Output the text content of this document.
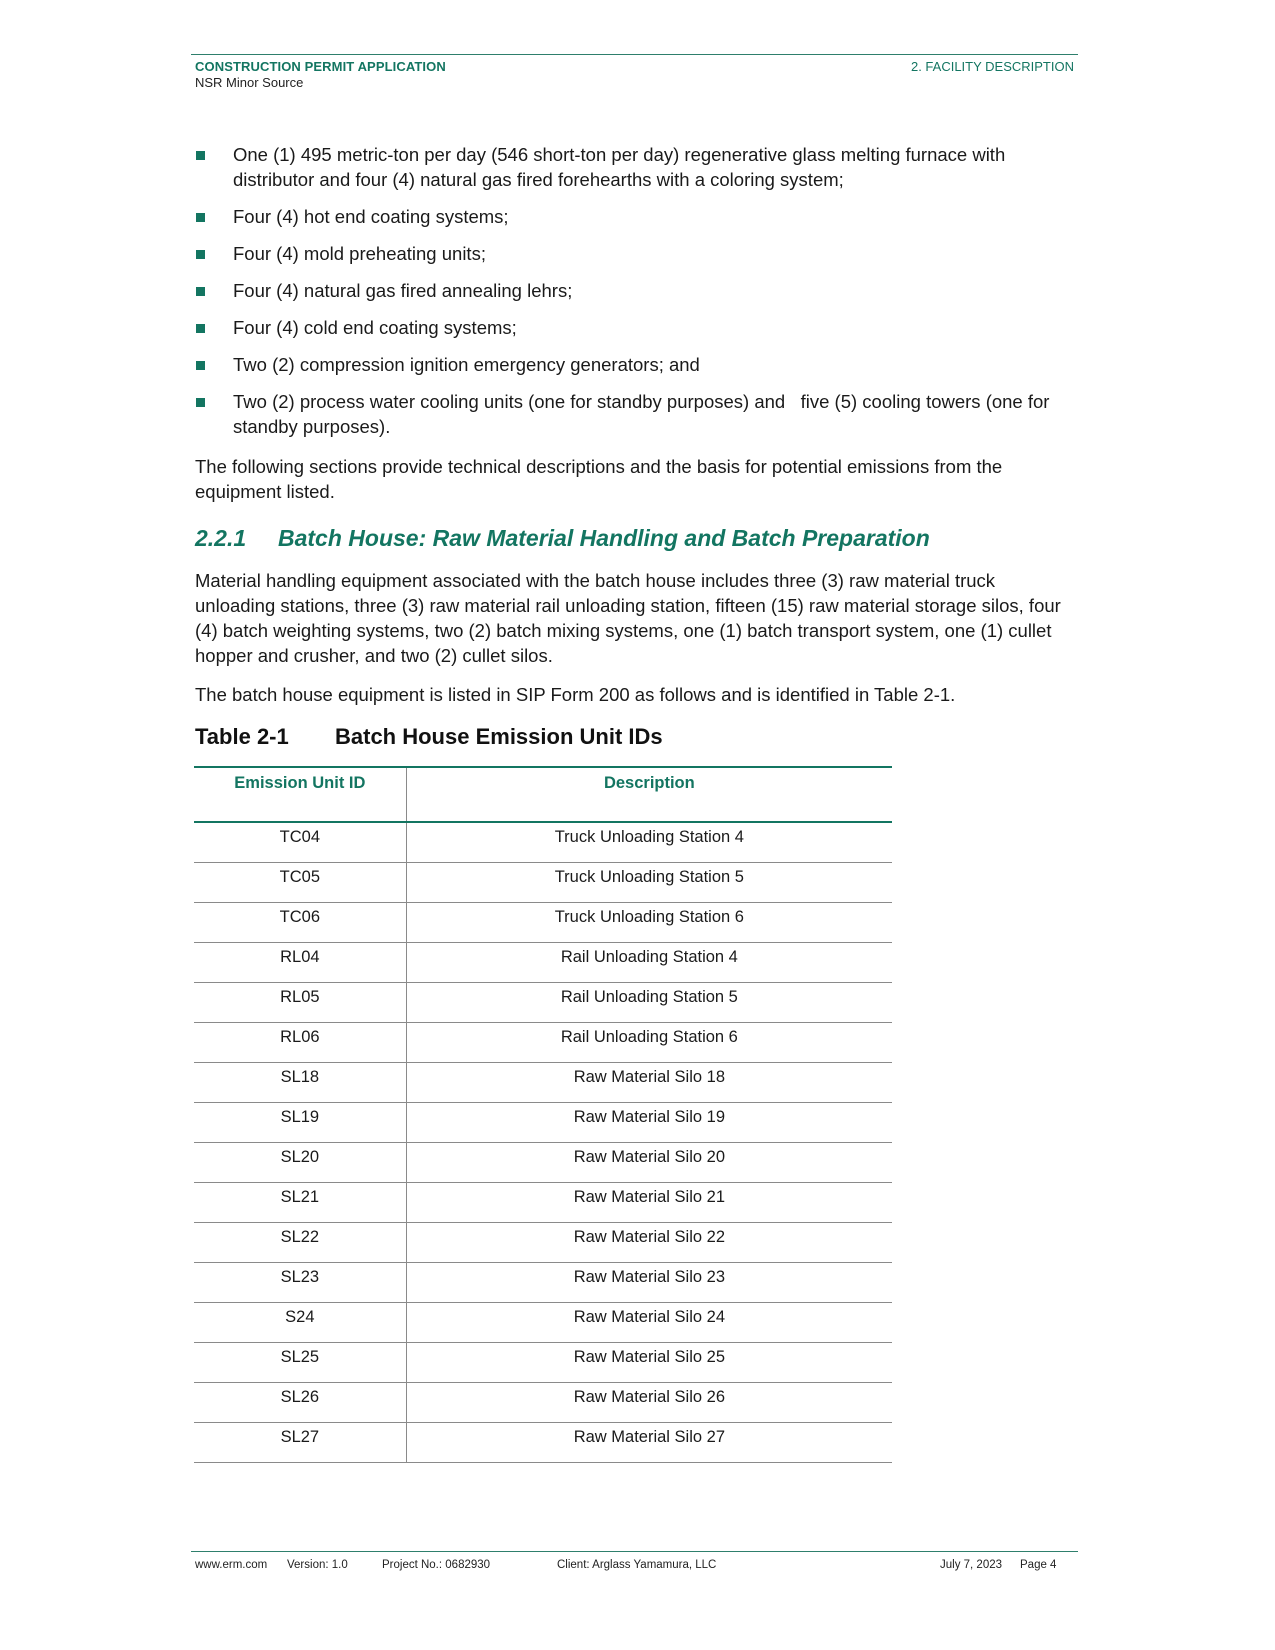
CONSTRUCTION PERMIT APPLICATION
NSR Minor Source
2. FACILITY DESCRIPTION
One (1) 495 metric-ton per day (546 short-ton per day) regenerative glass melting furnace with distributor and four (4) natural gas fired forehearths with a coloring system;
Four (4) hot end coating systems;
Four (4) mold preheating units;
Four (4) natural gas fired annealing lehrs;
Four (4) cold end coating systems;
Two (2) compression ignition emergency generators; and
Two (2) process water cooling units (one for standby purposes) and   five (5) cooling towers (one for standby purposes).

The following sections provide technical descriptions and the basis for potential emissions from the equipment listed.

2.2.1 Batch House: Raw Material Handling and Batch Preparation

Material handling equipment associated with the batch house includes three (3) raw material truck unloading stations, three (3) raw material rail unloading station, fifteen (15) raw material storage silos, four (4) batch weighting systems, two (2) batch mixing systems, one (1) batch transport system, one (1) cullet hopper and crusher, and two (2) cullet silos.

The batch house equipment is listed in SIP Form 200 as follows and is identified in Table 2-1.

Table 2-1 Batch House Emission Unit IDs
Emission Unit ID	Description
TC04	Truck Unloading Station 4
TC05	Truck Unloading Station 5
TC06	Truck Unloading Station 6
RL04	Rail Unloading Station 4
RL05	Rail Unloading Station 5
RL06	Rail Unloading Station 6
SL18	Raw Material Silo 18
SL19	Raw Material Silo 19
SL20	Raw Material Silo 20
SL21	Raw Material Silo 21
SL22	Raw Material Silo 22
SL23	Raw Material Silo 23
S24	Raw Material Silo 24
SL25	Raw Material Silo 25
SL26	Raw Material Silo 26
SL27	Raw Material Silo 27
www.erm.com Version: 1.0	Project No.: 0682930	Client: Arglass Yamamura, LLC	July 7, 2023 Page 4
